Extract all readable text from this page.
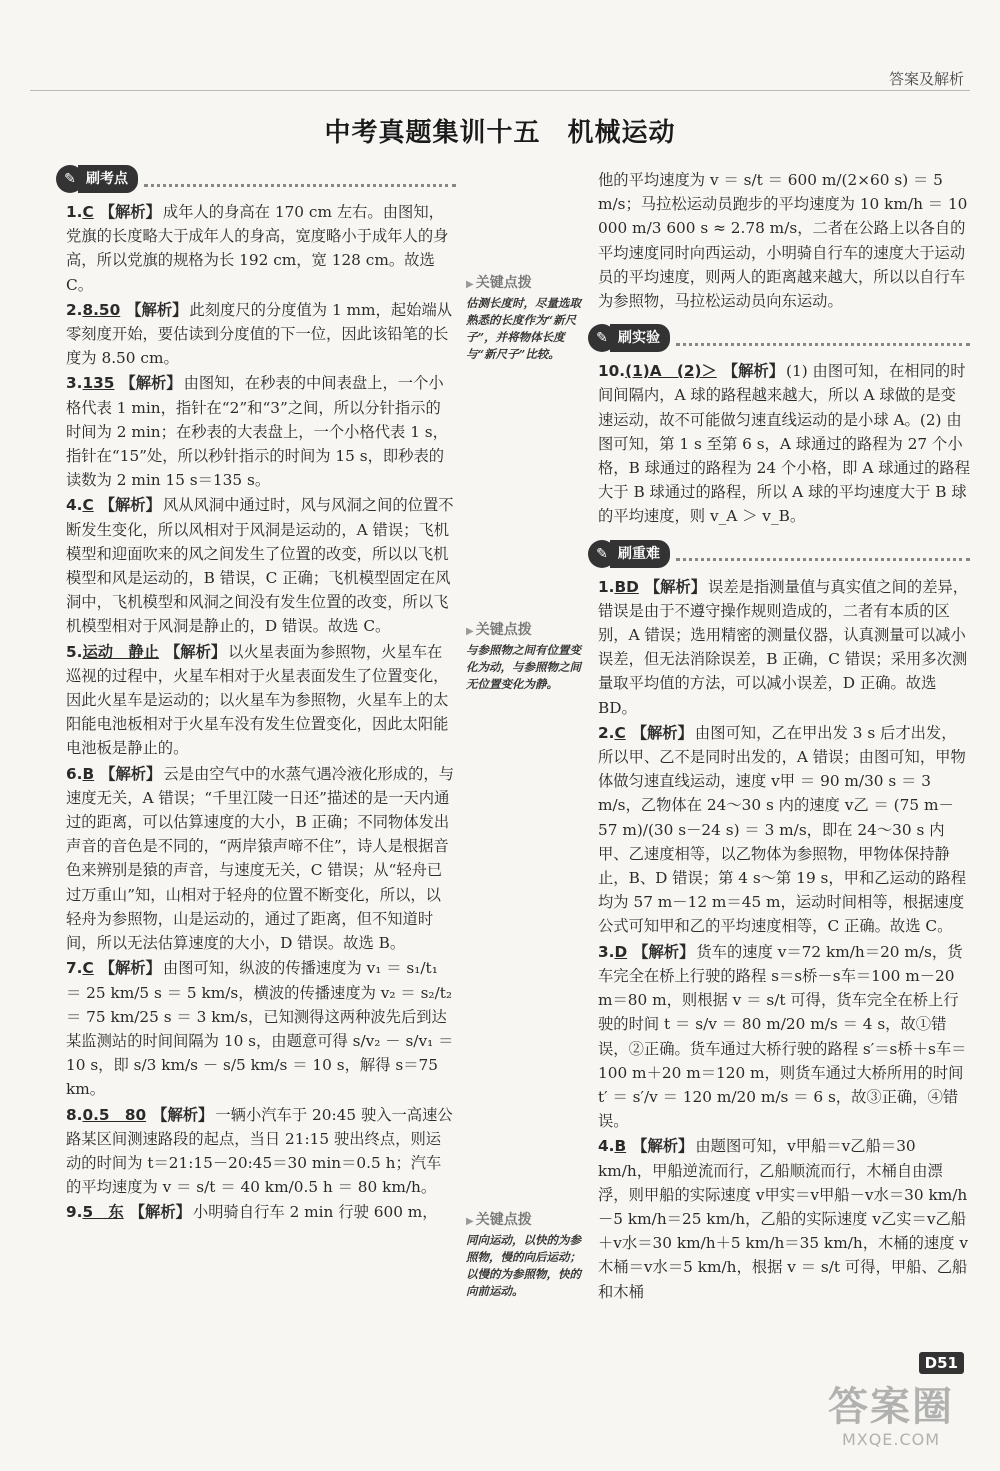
答案及解析
中考真题集训十五　机械运动
✎ 刷考点
1.C 【解析】 成年人的身高在 170 cm 左右。由图知，党旗的长度略大于成年人的身高，宽度略小于成年人的身高，所以党旗的规格为长 192 cm，宽 128 cm。故选 C。
2.8.50 【解析】 此刻度尺的分度值为 1 mm，起始端从零刻度开始，要估读到分度值的下一位，因此该铅笔的长度为 8.50 cm。
3.135 【解析】 由图知，在秒表的中间表盘上，一个小格代表 1 min，指针在“2”和“3”之间，所以分针指示的时间为 2 min；在秒表的大表盘上，一个小格代表 1 s，指针在“15”处，所以秒针指示的时间为 15 s，即秒表的读数为 2 min 15 s＝135 s。
4.C 【解析】 风从风洞中通过时，风与风洞之间的位置不断发生变化，所以风相对于风洞是运动的，A 错误；飞机模型和迎面吹来的风之间发生了位置的改变，所以以飞机模型和风是运动的，B 错误，C 正确；飞机模型固定在风洞中，飞机模型和风洞之间没有发生位置的改变，所以飞机模型相对于风洞是静止的，D 错误。故选 C。
5.运动　静止 【解析】 以火星表面为参照物，火星车在巡视的过程中，火星车相对于火星表面发生了位置变化，因此火星车是运动的；以火星车为参照物，火星车上的太阳能电池板相对于火星车没有发生位置变化，因此太阳能电池板是静止的。
6.B 【解析】 云是由空气中的水蒸气遇冷液化形成的，与速度无关，A 错误；“千里江陵一日还”描述的是一天内通过的距离，可以估算速度的大小，B 正确；不同物体发出声音的音色是不同的，“两岸猿声啼不住”，诗人是根据音色来辨别是猿的声音，与速度无关，C 错误；从“轻舟已过万重山”知，山相对于轻舟的位置不断变化，所以，以轻舟为参照物，山是运动的，通过了距离，但不知道时间，所以无法估算速度的大小，D 错误。故选 B。
7.C 【解析】 由图可知，纵波的传播速度为 v₁ ＝ s₁/t₁ ＝ 25 km/5 s ＝ 5 km/s，横波的传播速度为 v₂ ＝ s₂/t₂ ＝ 75 km/25 s ＝ 3 km/s，已知测得这两种波先后到达某监测站的时间间隔为 10 s，由题意可得 s/v₂ － s/v₁ ＝ 10 s，即 s/3 km/s － s/5 km/s ＝ 10 s，解得 s＝75 km。
8.0.5　80 【解析】 一辆小汽车于 20:45 驶入一高速公路某区间测速路段的起点，当日 21:15 驶出终点，则运动的时间为 t＝21:15－20:45＝30 min＝0.5 h；汽车的平均速度为 v ＝ s/t ＝ 40 km/0.5 h ＝ 80 km/h。
9.5　东 【解析】 小明骑自行车 2 min 行驶 600 m，
▶ 关键点拨
估测长度时，尽量选取熟悉的长度作为“新尺子”，并将物体长度与“新尺子”比较。
▶ 关键点拨
与参照物之间有位置变化为动，与参照物之间无位置变化为静。
▶ 关键点拨
同向运动，以快的为参照物，慢的向后运动；以慢的为参照物，快的向前运动。
他的平均速度为 v ＝ s/t ＝ 600 m/(2×60 s) ＝ 5 m/s；马拉松运动员跑步的平均速度为 10 km/h ＝ 10 000 m/3 600 s ≈ 2.78 m/s，二者在公路上以各自的平均速度同时向西运动，小明骑自行车的速度大于运动员的平均速度，则两人的距离越来越大，所以以自行车为参照物，马拉松运动员向东运动。
✎ 刷实验
10.(1)A　(2)＞ 【解析】 (1) 由图可知，在相同的时间间隔内，A 球的路程越来越大，所以 A 球做的是变速运动，故不可能做匀速直线运动的是小球 A。(2) 由图可知，第 1 s 至第 6 s，A 球通过的路程为 27 个小格，B 球通过的路程为 24 个小格，即 A 球通过的路程大于 B 球通过的路程，所以 A 球的平均速度大于 B 球的平均速度，则 v_A ＞ v_B。
✎ 刷重难
1.BD 【解析】 误差是指测量值与真实值之间的差异，错误是由于不遵守操作规则造成的，二者有本质的区别，A 错误；选用精密的测量仪器，认真测量可以减小误差，但无法消除误差，B 正确，C 错误；采用多次测量取平均值的方法，可以减小误差，D 正确。故选 BD。
2.C 【解析】 由图可知，乙在甲出发 3 s 后才出发，所以甲、乙不是同时出发的，A 错误；由图可知，甲物体做匀速直线运动，速度 v甲 ＝ 90 m/30 s ＝ 3 m/s，乙物体在 24～30 s 内的速度 v乙 ＝ (75 m－57 m)/(30 s－24 s) ＝ 3 m/s，即在 24～30 s 内甲、乙速度相等，以乙物体为参照物，甲物体保持静止，B、D 错误；第 4 s～第 19 s，甲和乙运动的路程均为 57 m－12 m＝45 m，运动时间相等，根据速度公式可知甲和乙的平均速度相等，C 正确。故选 C。
3.D 【解析】 货车的速度 v＝72 km/h＝20 m/s，货车完全在桥上行驶的路程 s＝s桥－s车＝100 m－20 m＝80 m，则根据 v ＝ s/t 可得，货车完全在桥上行驶的时间 t ＝ s/v ＝ 80 m/20 m/s ＝ 4 s，故①错误，②正确。货车通过大桥行驶的路程 s′＝s桥＋s车＝100 m＋20 m＝120 m，则货车通过大桥所用的时间 t′ ＝ s′/v ＝ 120 m/20 m/s ＝ 6 s，故③正确，④错误。
4.B 【解析】 由题图可知，v甲船＝v乙船＝30 km/h，甲船逆流而行，乙船顺流而行，木桶自由漂浮，则甲船的实际速度 v甲实＝v甲船－v水＝30 km/h－5 km/h＝25 km/h，乙船的实际速度 v乙实＝v乙船＋v水＝30 km/h＋5 km/h＝35 km/h，木桶的速度 v木桶＝v水＝5 km/h，根据 v ＝ s/t 可得，甲船、乙船和木桶
D51
答案圈
MXQE.COM
